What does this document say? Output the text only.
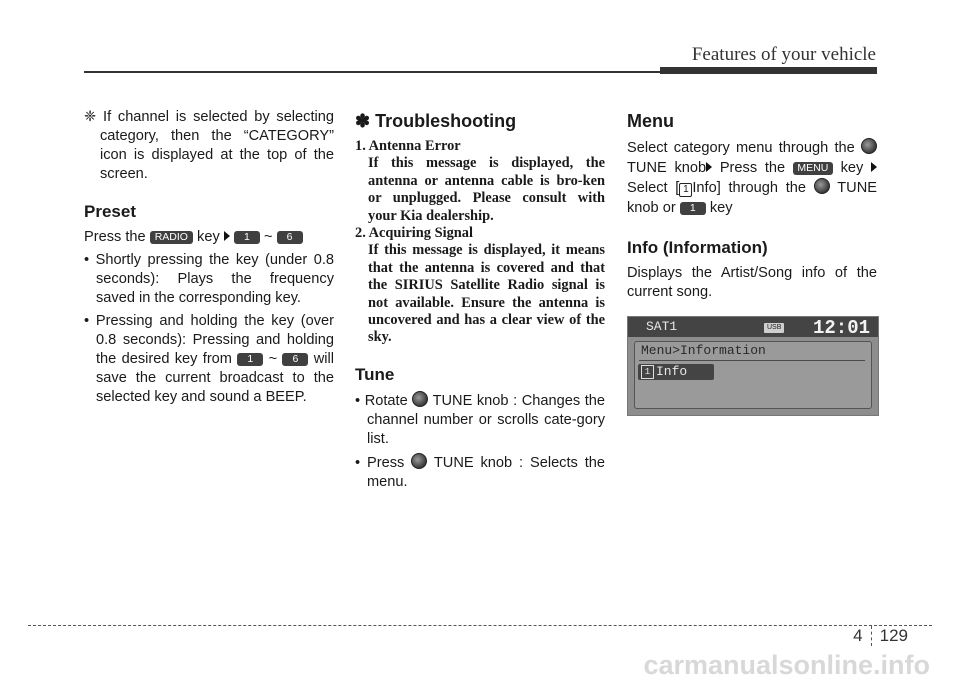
Features of your vehicle

❈ If channel is selected by selecting category, then the “CATEGORY” icon is displayed at the top of the screen.

Preset

Press the RADIO key 1 ~ 6

• Shortly pressing the key (under 0.8 seconds): Plays the frequency saved in the corresponding key.

• Pressing and holding the key (over 0.8 seconds): Pressing and holding the desired key from 1 ~ 6 will save the current broadcast to the selected key and sound a BEEP.

✽ Troubleshooting

1. Antenna Error

If this message is displayed, the antenna or antenna cable is bro-ken or unplugged. Please consult with your Kia dealership.

2. Acquiring Signal

If this message is displayed, it means that the antenna is covered and that the SIRIUS Satellite Radio signal is not available. Ensure the antenna is uncovered and has a clear view of the sky.

Tune

• Rotate TUNE knob : Changes the channel number or scrolls cate-gory list.

• Press TUNE knob : Selects the menu.

Menu

Select category menu through the  TUNE knob Press the MENU key  Select [ 1 Info] through the TUNE knob or 1 key

Info (Information)

Displays the Artist/Song info of the current song.

SAT1	USB 12:01
Menu>Information
1 Info
4 129
carmanualsonline.info
